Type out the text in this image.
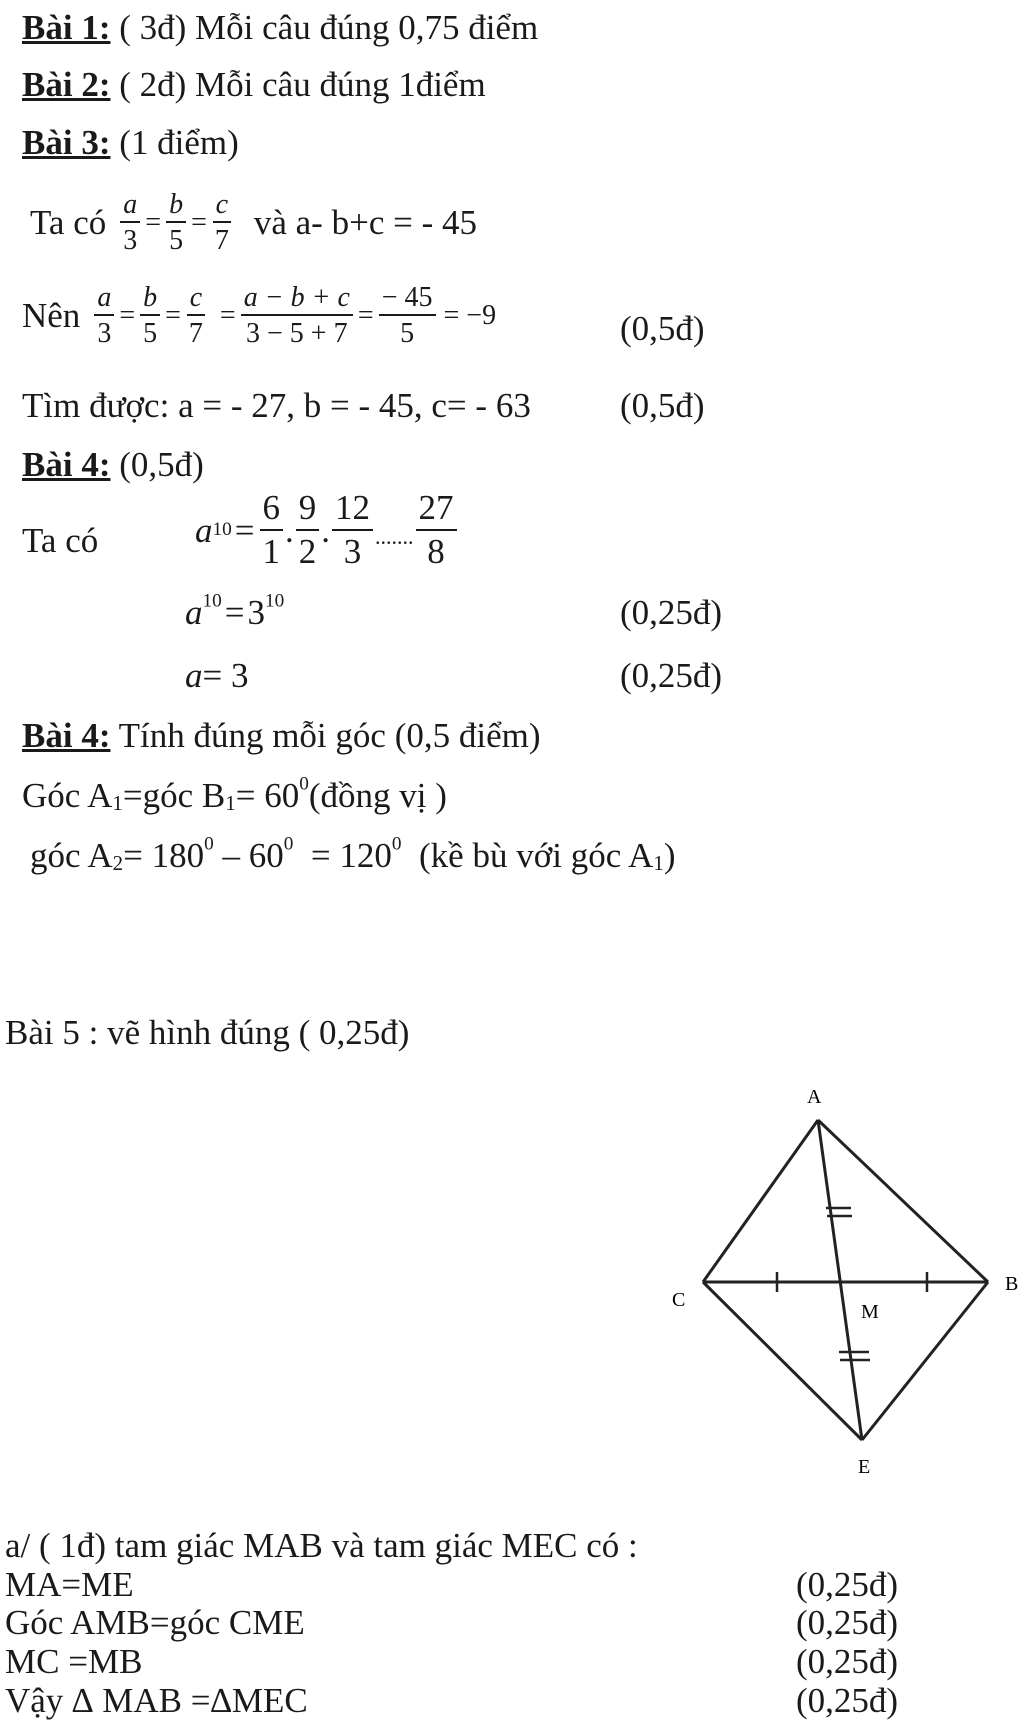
Bài 1: ( 3đ) Mỗi câu đúng 0,75 điểm
Bài 2: ( 2đ) Mỗi câu đúng 1điểm
Bài 3: (1 điểm)
Ta có $\frac{a}{3} = \frac{b}{5} = \frac{c}{7}$ và a- b+c = - 45
Nên $\frac{a}{3} = \frac{b}{5} = \frac{c}{7} = \frac{a - b + c}{3 - 5 + 7} = \frac{- 45}{5} = -9$	(0,5đ)
Tìm được: a = - 27, b = - 45, c= - 63	(0,5đ)
Bài 4: (0,5đ)
Ta có	a $10 = \frac{6}{1}$ . $\frac{9}{2}$ . $\frac{12}{3}$ ....... $\frac{27}{8}$
$a^{10}=3^{10}$	(0,25đ)
a= 3	(0,25đ)
Bài 4: Tính đúng mỗi góc (0,5 điểm)
Góc $A_1=góc$ $B_1=$ $60^0(đồng$ vị )
góc $A_2= 180^0 - 60^0 = 120^0$  (kề bù với góc $A_1$)
Bài 5 : vẽ hình đúng ( 0,25đ)
A
B
C
M
E
a/ ( 1đ) tam giác MAB và tam giác MEC có :
MA=ME	(0,25đ)
Góc AMB=góc CME	(0,25đ)
MC =MB	(0,25đ)
Vậy ∆ MAB =∆MEC	(0,25đ)
